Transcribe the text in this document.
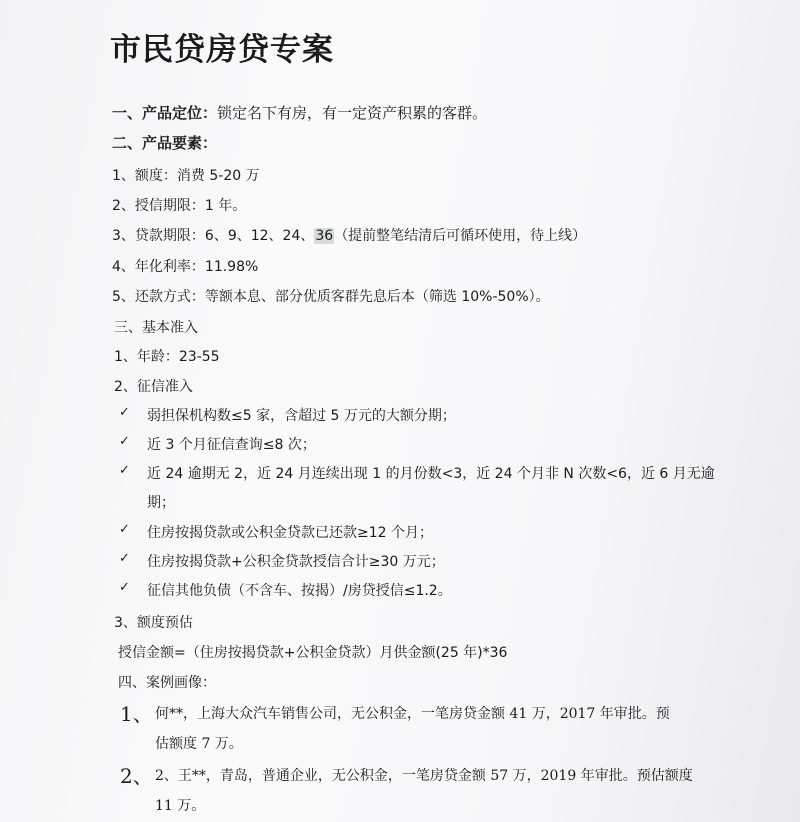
市民贷房贷专案
一、产品定位：锁定名下有房，有一定资产积累的客群。
二、产品要素：
1、额度：消费 5-20 万
2、授信期限：1 年。
3、贷款期限：6、9、12、24、36（提前整笔结清后可循环使用，待上线）
4、年化利率：11.98%
5、还款方式：等额本息、部分优质客群先息后本（筛选 10%-50%）。
三、基本准入
1、年龄：23-55
2、征信准入
✓ 弱担保机构数≤5 家，含超过 5 万元的大额分期；
✓ 近 3 个月征信查询≤8 次；
✓ 近 24 逾期无 2，近 24 月连续出现 1 的月份数<3，近 24 个月非 N 次数<6，近 6 月无逾
期；
✓ 住房按揭贷款或公积金贷款已还款≥12 个月；
✓ 住房按揭贷款+公积金贷款授信合计≥30 万元；
✓ 征信其他负债（不含车、按揭）/房贷授信≤1.2。
3、额度预估
授信金额=（住房按揭贷款+公积金贷款）月供金额(25 年)*36
四、案例画像：
1、 何**，上海大众汽车销售公司，无公积金，一笔房贷金额 41 万，2017 年审批。预
估额度 7 万。
2、 2、王**，青岛，普通企业，无公积金，一笔房贷金额 57 万，2019 年审批。预估额度
11 万。
